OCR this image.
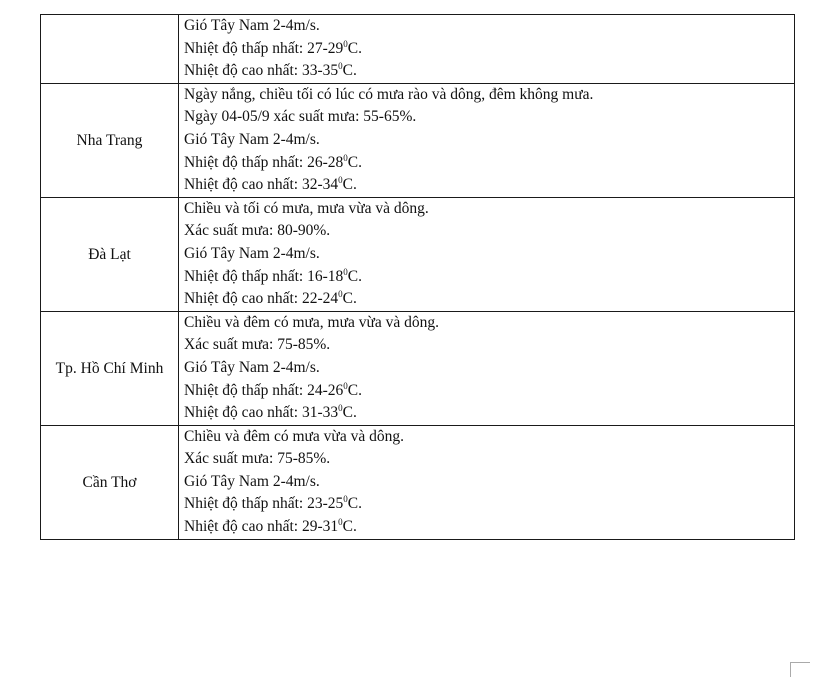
	Gió Tây Nam 2-4m/s.
Nhiệt độ thấp nhất: $27-29^0C$.
Nhiệt độ cao nhất: $33-35^0C$.

Nha Trang	Ngày nắng, chiều tối có lúc có mưa rào và dông, đêm không mưa.
Ngày 04-05/9 xác suất mưa: 55-65%.
Gió Tây Nam 2-4m/s.
Nhiệt độ thấp nhất: $26-28^0C$.
Nhiệt độ cao nhất: $32-34^0C$.

Đà Lạt	Chiều và tối có mưa, mưa vừa và dông.
Xác suất mưa: 80-90%.
Gió Tây Nam 2-4m/s.
Nhiệt độ thấp nhất: $16-18^0C$.
Nhiệt độ cao nhất: $22-24^0C$.

Tp. Hồ Chí Minh	Chiều và đêm có mưa, mưa vừa và dông.
Xác suất mưa: 75-85%.
Gió Tây Nam 2-4m/s.
Nhiệt độ thấp nhất: $24-26^0C$.
Nhiệt độ cao nhất: $31-33^0C$.

Cần Thơ	Chiều và đêm có mưa vừa và dông.
Xác suất mưa: 75-85%.
Gió Tây Nam 2-4m/s.
Nhiệt độ thấp nhất: $23-25^0C$.
Nhiệt độ cao nhất: $29-31^0C$.
